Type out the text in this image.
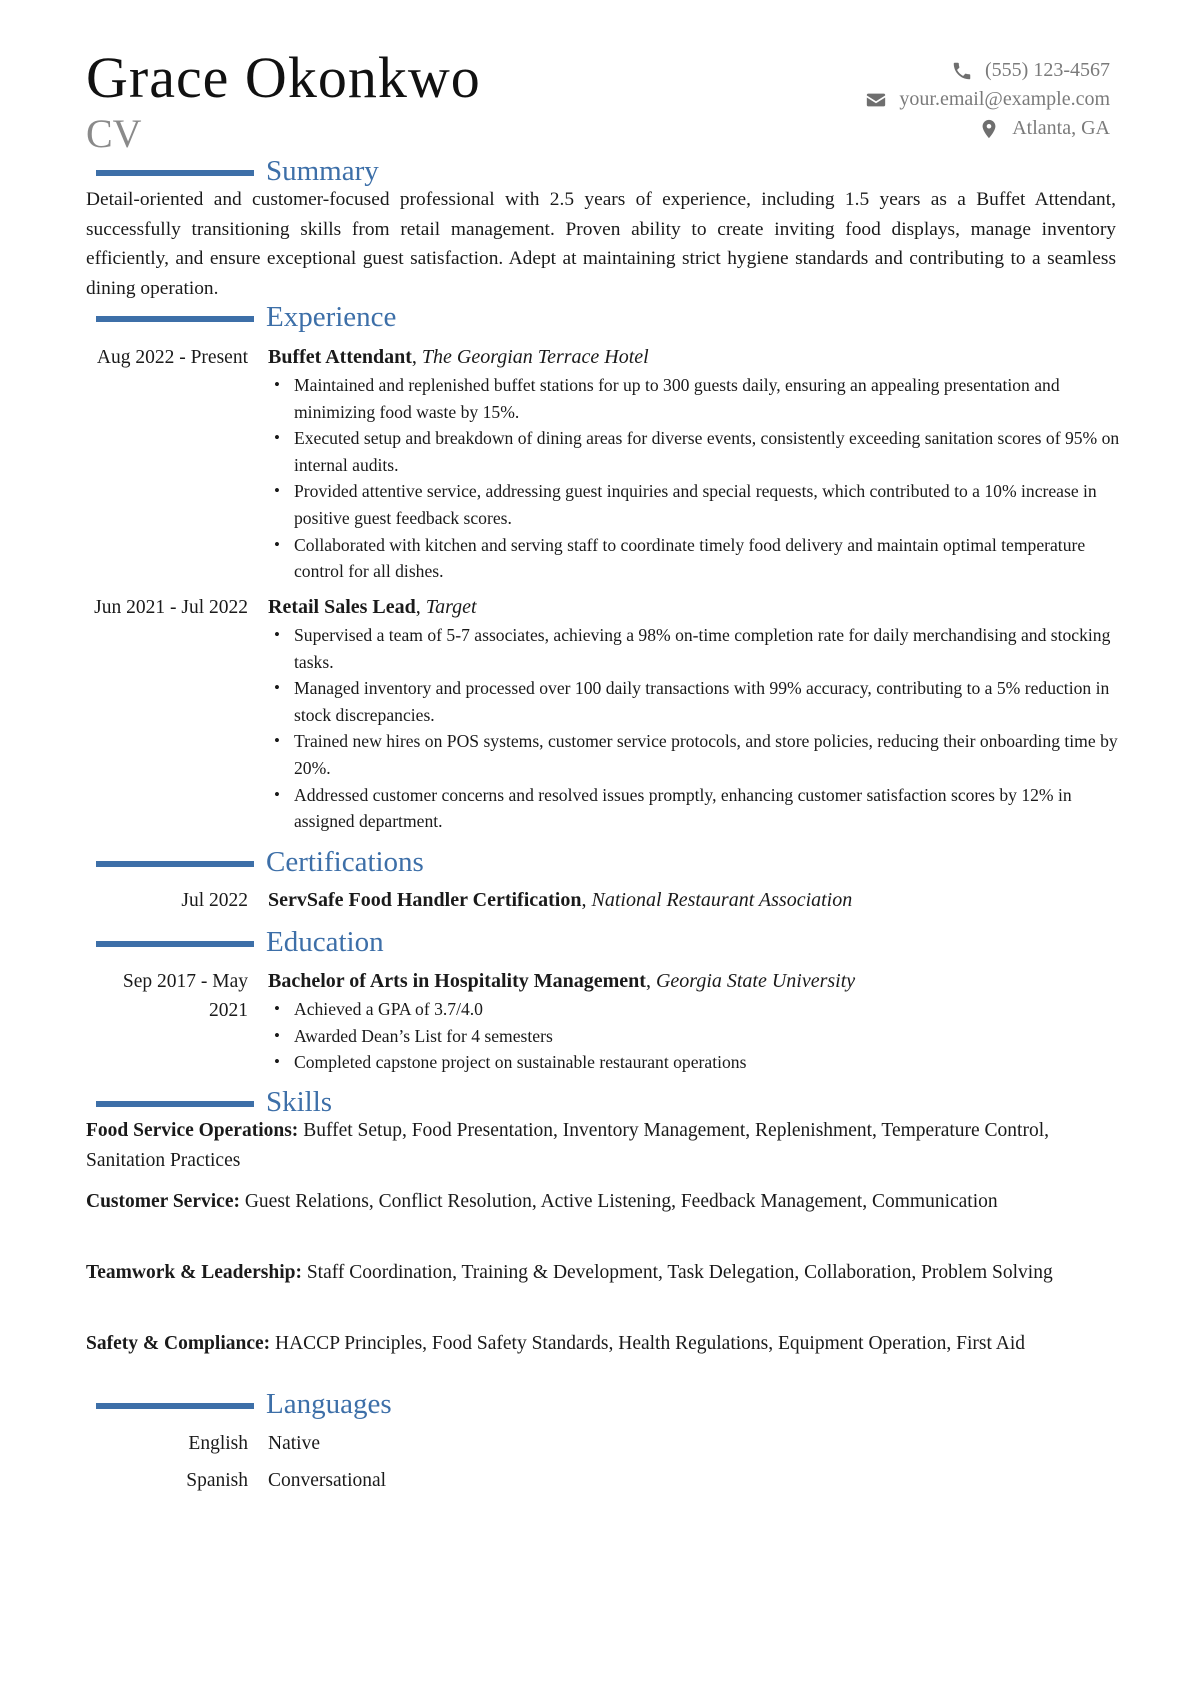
Grace Okonkwo
CV
(555) 123-4567
your.email@example.com
Atlanta, GA
Summary
Detail-oriented and customer-focused professional with 2.5 years of experience, including 1.5 years as a Buffet Attendant, successfully transitioning skills from retail management. Proven ability to create inviting food displays, manage inventory efficiently, and ensure exceptional guest satisfaction. Adept at maintaining strict hygiene standards and contributing to a seamless dining operation.
Experience
Aug 2022 - Present Buffet Attendant, The Georgian Terrace Hotel
• Maintained and replenished buffet stations for up to 300 guests daily, ensuring an appealing presentation and minimizing food waste by 15%.
• Executed setup and breakdown of dining areas for diverse events, consistently exceeding sanitation scores of 95% on internal audits.
• Provided attentive service, addressing guest inquiries and special requests, which contributed to a 10% increase in positive guest feedback scores.
• Collaborated with kitchen and serving staff to coordinate timely food delivery and maintain optimal temperature control for all dishes.
Jun 2021 - Jul 2022 Retail Sales Lead, Target
• Supervised a team of 5-7 associates, achieving a 98% on-time completion rate for daily merchandising and stocking tasks.
• Managed inventory and processed over 100 daily transactions with 99% accuracy, contributing to a 5% reduction in stock discrepancies.
• Trained new hires on POS systems, customer service protocols, and store policies, reducing their onboarding time by 20%.
• Addressed customer concerns and resolved issues promptly, enhancing customer satisfaction scores by 12% in assigned department.
Certifications
Jul 2022 ServSafe Food Handler Certification, National Restaurant Association
Education
Sep 2017 - May 2021
Bachelor of Arts in Hospitality Management, Georgia State University
• Achieved a GPA of 3.7/4.0
• Awarded Dean’s List for 4 semesters
• Completed capstone project on sustainable restaurant operations
Skills
Food Service Operations: Buffet Setup, Food Presentation, Inventory Management, Replenishment, Temperature Control, Sanitation Practices
Customer Service: Guest Relations, Conflict Resolution, Active Listening, Feedback Management, Communication
Teamwork & Leadership: Staff Coordination, Training & Development, Task Delegation, Collaboration, Problem Solving
Safety & Compliance: HACCP Principles, Food Safety Standards, Health Regulations, Equipment Operation, First Aid
Languages
English Native
Spanish Conversational
